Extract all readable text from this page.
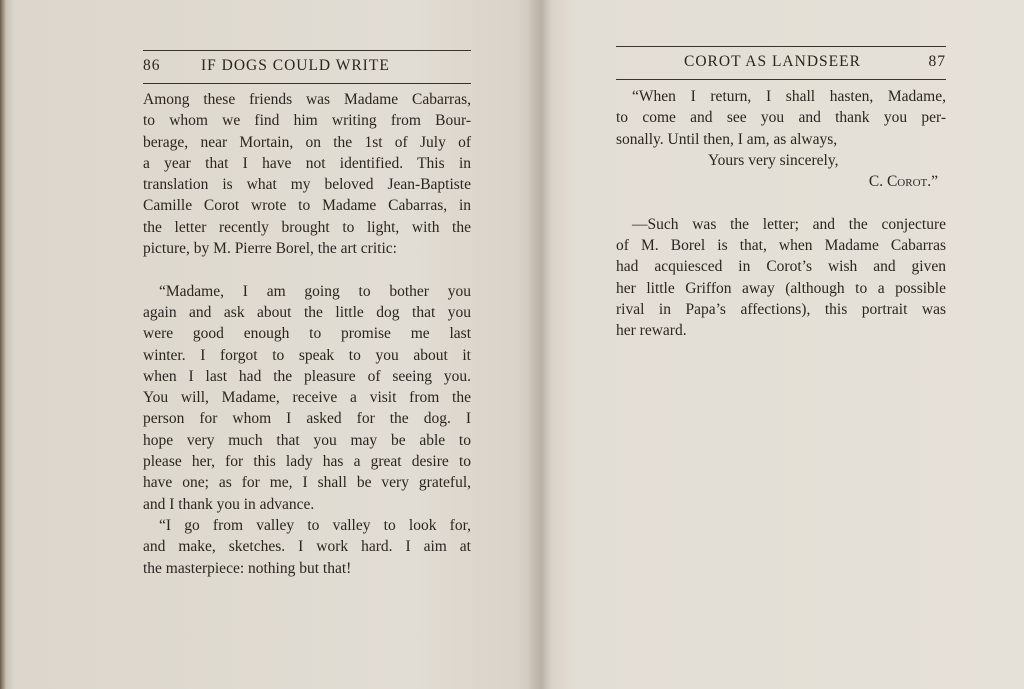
86	IF DOGS COULD WRITE

Among these friends was Madame Cabarras,

to whom we find him writing from Bour-

berage, near Mortain, on the 1st of July of

a year that I have not identified. This in

translation is what my beloved Jean-Baptiste

Camille Corot wrote to Madame Cabarras, in

the letter recently brought to light, with the

picture, by M. Pierre Borel, the art critic:

“Madame, I am going to bother you

again and ask about the little dog that you

were good enough to promise me last

winter. I forgot to speak to you about it

when I last had the pleasure of seeing you.

You will, Madame, receive a visit from the

person for whom I asked for the dog. I

hope very much that you may be able to

please her, for this lady has a great desire to

have one; as for me, I shall be very grateful,

and I thank you in advance.

“I go from valley to valley to look for,

and make, sketches. I work hard. I aim at

the masterpiece: nothing but that!

COROT AS LANDSEER	87

“When I return, I shall hasten, Madame,

to come and see you and thank you per-

sonally. Until then, I am, as always,

Yours very sincerely,

C. Corot.”

—Such was the letter; and the conjecture

of M. Borel is that, when Madame Cabarras

had acquiesced in Corot’s wish and given

her little Griffon away (although to a possible

rival in Papa’s affections), this portrait was

her reward.
